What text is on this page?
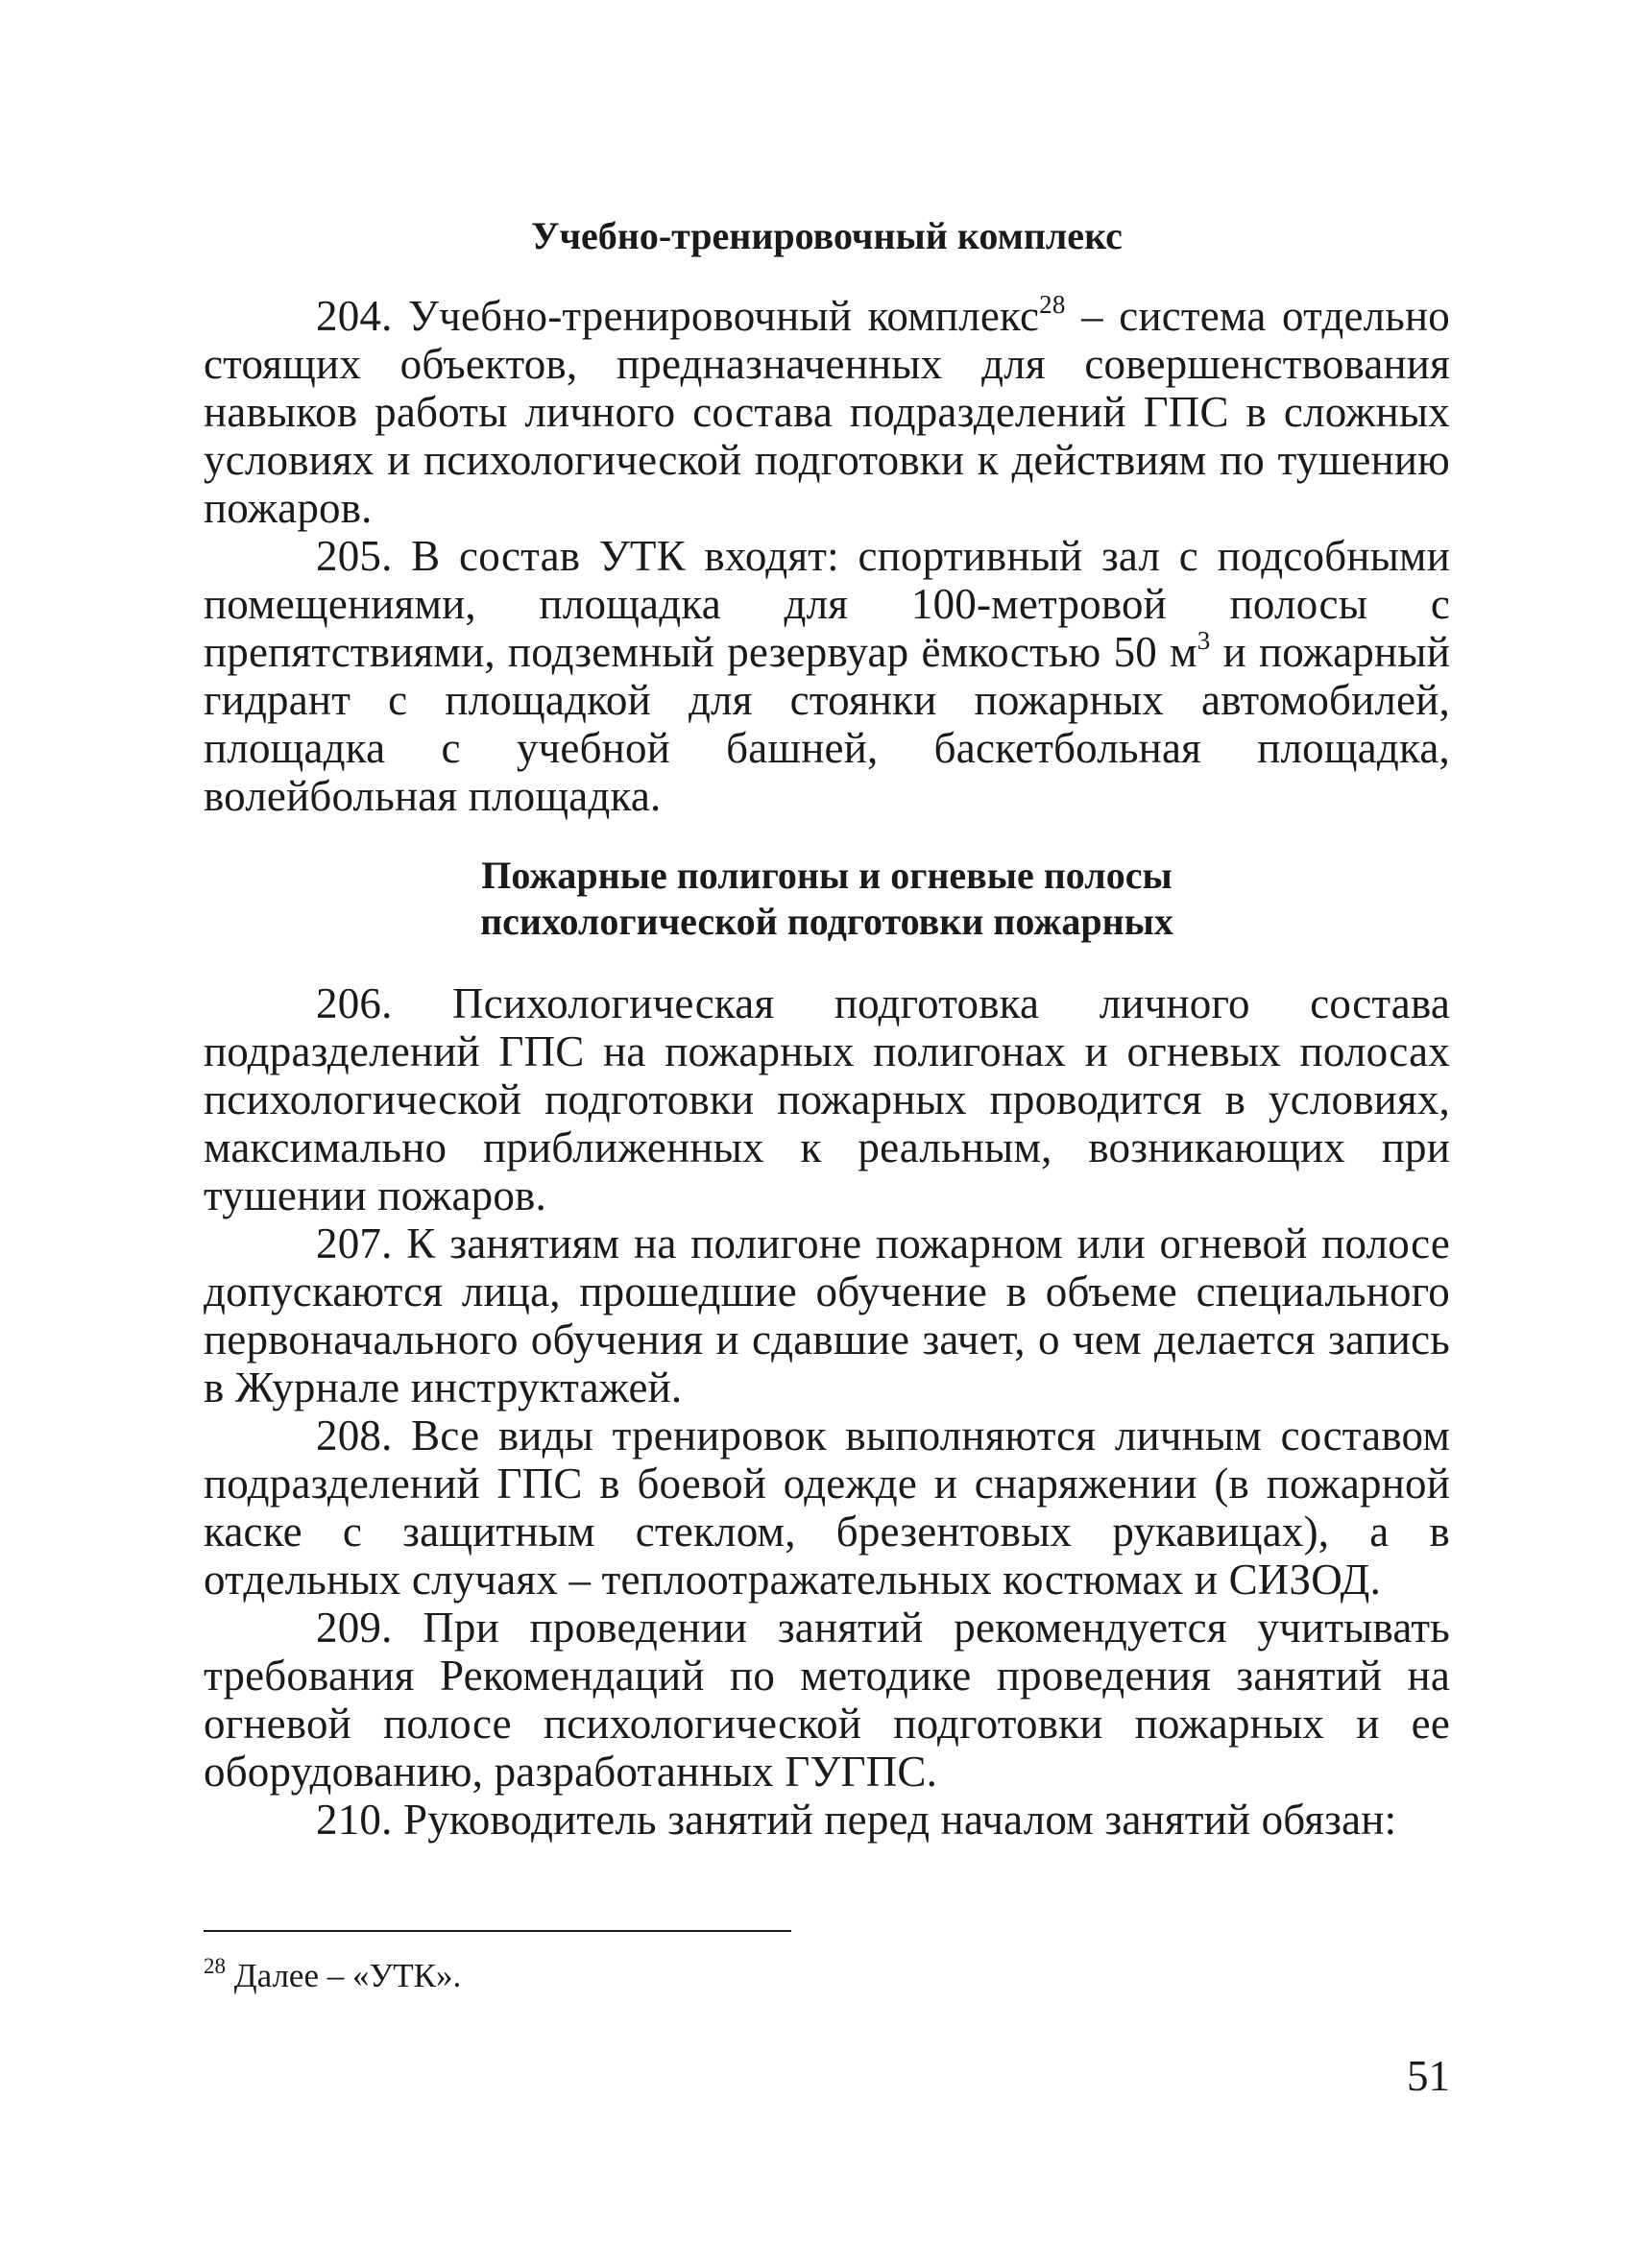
Учебно-тренировочный комплекс

204. Учебно-тренировочный комплекс$^{28}$ – система отдельно стоящих объектов, предназначенных для совершенствования навыков работы личного состава подразделений ГПС в сложных условиях и психологической подготовки к действиям по тушению пожаров.

205. В состав УТК входят: спортивный зал с подсобными помещениями, площадка для 100-метровой полосы с препятствиями, подземный резервуар ёмкостью 50 $м^3$ и пожарный гидрант с площадкой для стоянки пожарных автомобилей, площадка с учебной башней, баскетбольная площадка, волейбольная площадка.

Пожарные полигоны и огневые полосы
психологической подготовки пожарных

206. Психологическая подготовка личного состава подразделений ГПС на пожарных полигонах и огневых полосах психологической подготовки пожарных проводится в условиях, максимально приближенных к реальным, возникающих при тушении пожаров.

207. К занятиям на полигоне пожарном или огневой полосе допускаются лица, прошедшие обучение в объеме специального первоначального обучения и сдавшие зачет, о чем делается запись в Журнале инструктажей.

208. Все виды тренировок выполняются личным составом подразделений ГПС в боевой одежде и снаряжении (в пожарной каске с защитным стеклом, брезентовых рукавицах), а в отдельных случаях – теплоотражательных костюмах и СИЗОД.

209. При проведении занятий рекомендуется учитывать требования Рекомендаций по методике проведения занятий на огневой полосе психологической подготовки пожарных и ее оборудованию, разработанных ГУГПС.

210. Руководитель занятий перед началом занятий обязан:

$^{28}$ Далее – «УТК».
51
